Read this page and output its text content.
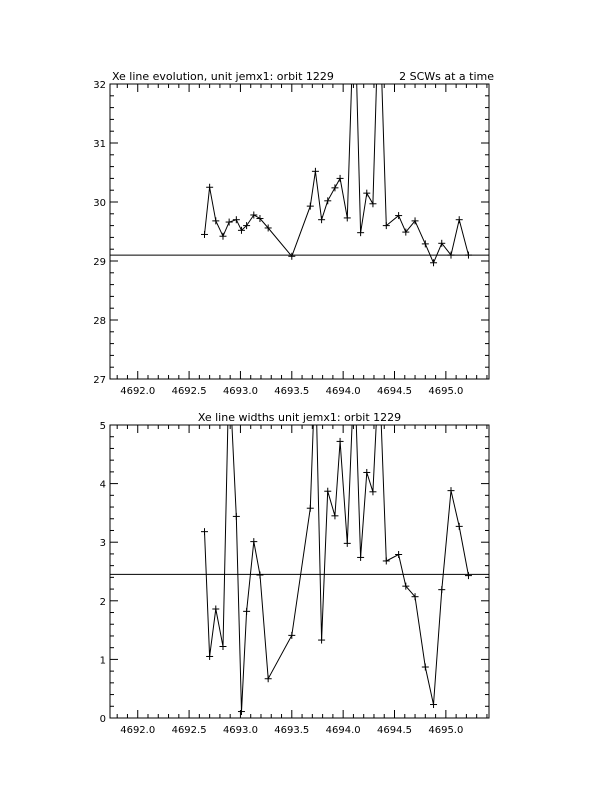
Xe line evolution, unit jemx1: orbit 1229	2 SCWs at a time
4692.0 4692.5 4693.0 4693.5 4694.0 4694.5 4695.0
27
28
29
30
31
32
Xe line widths unit jemx1: orbit 1229
4692.0 4692.5 4693.0 4693.5 4694.0 4694.5 4695.0
0
1
2
3
4
5
